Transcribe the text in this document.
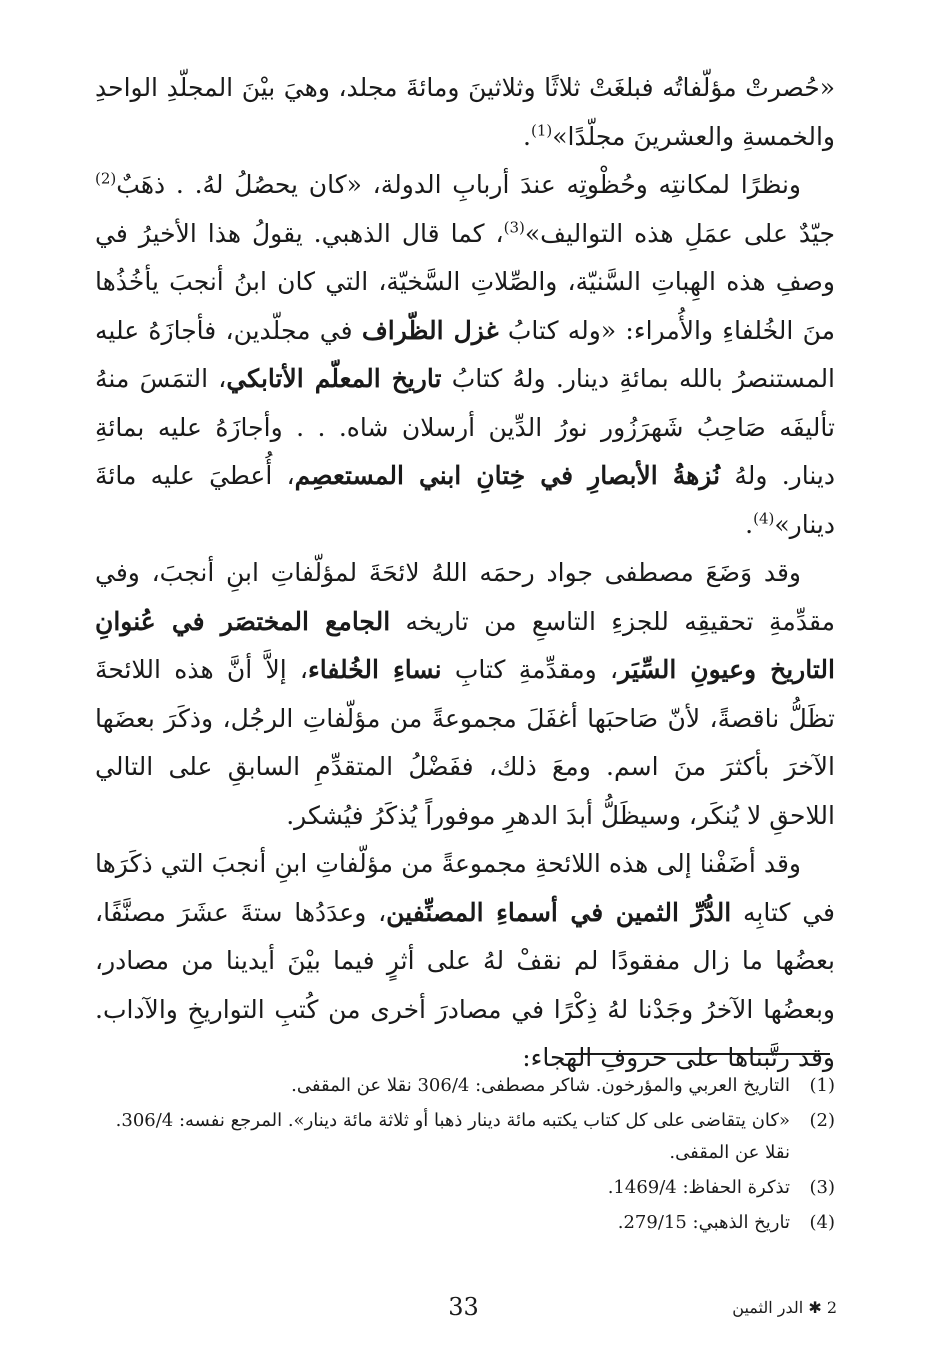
«حُصرتْ مؤلّفاتُه فبلغَتْ ثلاثًا وثلاثينَ ومائةَ مجلد، وهيَ بيْنَ المجلّدِ الواحدِ والخمسةِ والعشرينَ مجلّدًا»$^{(1)}$.

ونظرًا لمكانتِه وحُظْوتِه عندَ أربابِ الدولة، «كان يحصُلُ لهُ. . ذهَبٌ$^{(2)}$ جيّدٌ على عمَلِ هذه التواليف»$^{(3)}$، كما قال الذهبي. يقولُ هذا الأخيرُ في وصفِ هذه الهِباتِ السَّنيّة، والصِّلاتِ السَّخيّة، التي كان ابنُ أنجبَ يأخُذُها منَ الخُلفاءِ والأُمراء: «وله كتابُ غزل الظّراف في مجلّدين، فأجازَهُ عليه المستنصرُ بالله بمائةِ دينار. ولهُ كتابُ تاريخ المعلّم الأتابكي، التمَسَ منهُ تأليفَه صَاحِبُ شَهرَزُور نورُ الدِّين أرسلان شاه. . . وأجازَهُ عليه بمائةِ دينار. ولهُ نُزهةُ الأبصارِ في خِتانِ ابني المستعصِم، أُعطيَ عليه مائةَ دينار»$^{(4)}$.

وقد وَضَعَ مصطفى جواد رحمَه اللهُ لائحَةَ لمؤلّفاتِ ابنِ أنجبَ، وفي مقدِّمةِ تحقيقِه للجزءِ التاسعِ من تاريخه الجامع المختصَر في عُنوانِ التاريخ وعيونِ السِّيَر، ومقدِّمةِ كتابِ نساءِ الخُلفاء، إلاَّ أنَّ هذه اللائحةَ تظَلُّ ناقصةً، لأنّ صَاحبَها أغفَلَ مجموعةً من مؤلّفاتِ الرجُل، وذكَرَ بعضَها الآخرَ بأكثرَ منَ اسم. ومعَ ذلك، ففَضْلُ المتقدِّمِ السابقِ على التالي اللاحقِ لا يُنكَر، وسيظَلُّ أبدَ الدهرِ موفوراً يُذكَرُ فيُشكر.

وقد أضَفْنا إلى هذه اللائحةِ مجموعةً من مؤلّفاتِ ابنِ أنجبَ التي ذكَرَها في كتابِه الدُّرِّ الثمين في أسماءِ المصنِّفين، وعدَدُها ستةَ عشَرَ مصنَّفًا، بعضُها ما زال مفقودًا لم نقفْ لهُ على أثرٍ فيما بيْنَ أيدينا من مصادر، وبعضُها الآخرُ وجَدْنا لهُ ذِكْرًا في مصادرَ أخرى من كُتبِ التواريخِ والآداب. وقد رتَّبناها على حروفِ الهجاء:

(1)
التاريخ العربي والمؤرخون. شاكر مصطفى: 306/4 نقلا عن المقفى.
(2)
«كان يتقاضى على كل كتاب يكتبه مائة دينار ذهبا أو ثلاثة مائة دينار». المرجع نفسه: 306/4. نقلا عن المقفى.
(3)
تذكرة الحفاظ: 1469/4.
(4)
تاريخ الذهبي: 279/15.
33	2 ✱ الدر الثمين
